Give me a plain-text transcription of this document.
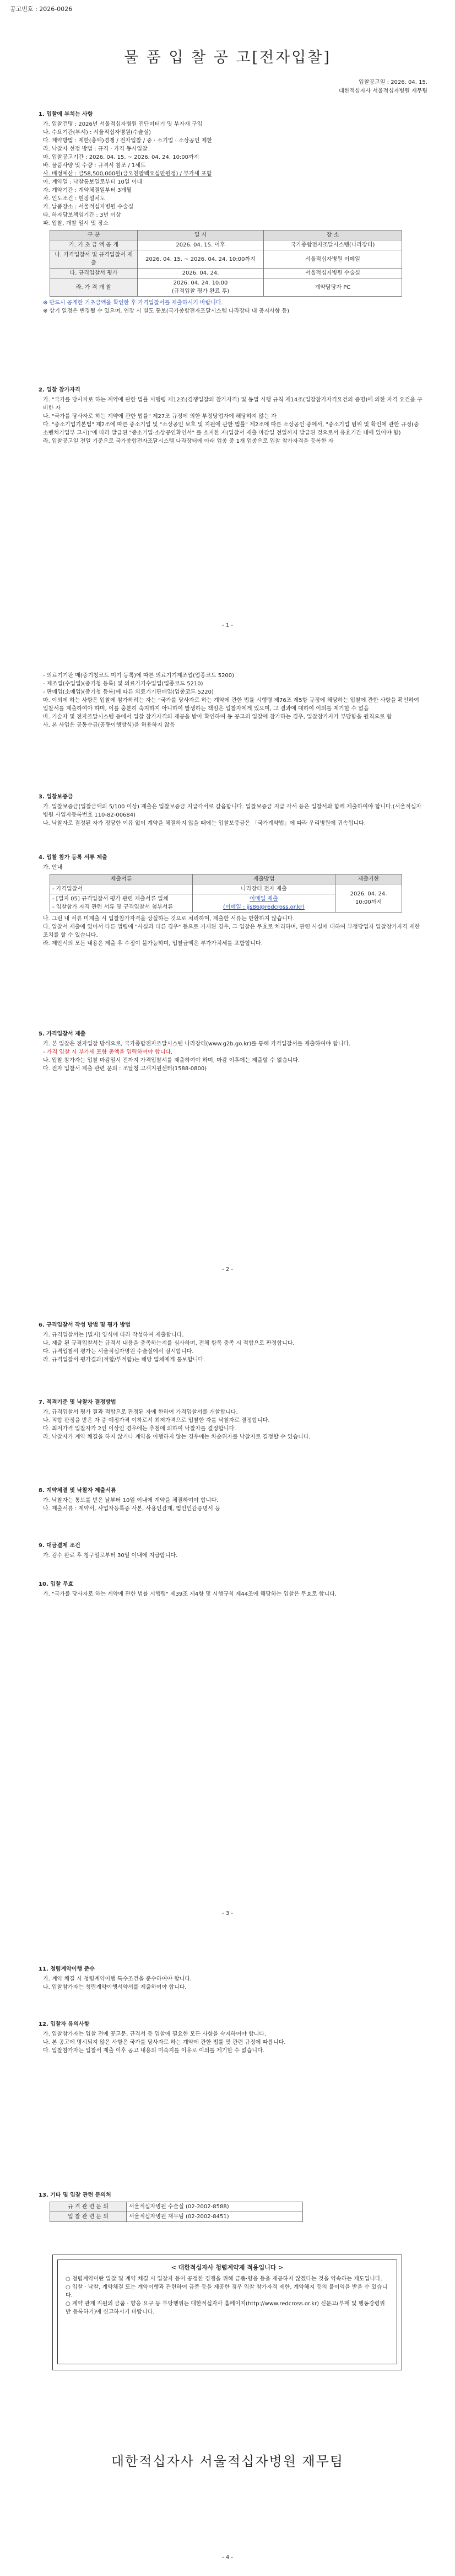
공고번호 : 2026-0026
물 품 입 찰 공 고[전자입찰]
입찰공고일 : 2026. 04. 15.
대한적십자사 서울적십자병원 재무팀

1. 입찰에 부치는 사항

가. 입찰건명 : 2026년 서울적십자병원 진단미터기 및 부자재 구입

나. 수요기관(부서) : 서울적십자병원(수술실)

다. 계약방법 : 제한(총액)경쟁 / 전자입찰 / 중 · 소기업 · 소상공인 제한

라. 낙찰자 선정 방법 : 규격 · 가격 동시입찰

마. 입찰공고기간 : 2026. 04. 15. ~ 2026. 04. 24. 10:00까지

바. 물품사양 및 수량 : 규격서 참조 / 1세트

사. 배정예산 : 금58,500,000원(금오천팔백오십만원정) / 부가세 포함

아. 계약일 : 낙찰통보일로부터 10일 이내

자. 계약기간 : 계약체결일부터 3개월

차. 인도조건 : 현장설치도

카. 납품장소 : 서울적십자병원 수술실

타. 하자담보책임기간 : 3년 이상

파. 입찰, 개찰 일시 및 장소

구 분	일 시	장 소
가. 기 초 금 액 공 개	2026. 04. 15. 이후	국가종합전자조달시스템(나라장터)
나. 가격입찰서 및 규격입찰서 제출	2026. 04. 15. ~ 2026. 04. 24. 10:00까지	서울적십자병원 이메일
다. 규격입찰서 평가	2026. 04. 24.	서울적십자병원 수술실
라. 가 격 개 찰	2026. 04. 24. 10:00
(규격입찰 평가 완료 후)	계약담당자 PC

※ 반드시 공개한 기초금액을 확인한 후 가격입찰서를 제출하시기 바랍니다.

※ 상기 일정은 변경될 수 있으며, 연장 시 별도 통보(국가종합전자조달시스템 나라장터 내 공지사항 등)

2. 입찰 참가자격

가. "국가를 당사자로 하는 계약에 관한 법률 시행령 제12조(경쟁입찰의 참가자격) 및 동법 시행 규칙 제14조(입찰참가자격요건의 증명)에 의한 자격 요건을 구비한 자

나. "국가를 당사자로 하는 계약에 관한 법률" 제27조 규정에 의한 부정당업자에 해당하지 않는 자

다. "중소기업기본법" 제2조에 따른 중소기업 및 "소상공인 보호 및 지원에 관한 법률" 제2조에 따른 소상공인 중에서, "중소기업 범위 및 확인에 관한 규정(중소벤처기업부 고시)"에 따라 발급된 "중소기업·소상공인확인서" 를 소지한 자(입찰서 제출 마감일 전일까지 발급된 것으로서 유효기간 내에 있어야 함)

라. 입찰공고일 전일 기준으로 국가종합전자조달시스템 나라장터에 아래 업종 중 1개 업종으로 입찰 참가자격을 등록한 자

- 1 -

- 의료기기판 매(중기청코드 미기 등록)에 따른 의료기기제조업(업종코드 5200)

- 제조업(수입업)(중기청 등록) 및 의료기기수입업(업종코드 5210)

- 판매업(소매업)(중기청 등록)에 따른 의료기기판매업(업종코드 5220)

마. 이외에 하는 사항은 입찰에 참가하려는 자는 "국가를 당사자로 하는 계약에 관한 법률 시행령 제76조 제5항 규정에 해당하는 입찰에 관한 사항을 확인하여 입찰서를 제출하여야 하며, 이를 충분히 숙지하지 아니하여 발생하는 책임은 입찰자에게 있으며, 그 결과에 대하여 이의를 제기할 수 없음

바. 기술자 및 전자조달시스템 등에서 입찰 참가자격의 제공을 받아 확인하여 동 공고의 입찰에 참가하는 경우, 입찰참가자가 부담함을 원칙으로 함

사. 본 사업은 공동수급(공동이행방식)을 허용하지 않음

3. 입찰보증금

가. 입찰보증금(입찰금액의 5/100 이상) 제출은 입찰보증금 지급각서로 갈음합니다. 입찰보증금 지급 각서 등은 입찰서와 함께 제출하여야 합니다.(서울적십자병원 사업자등록번호 110-82-00684)

나. 낙찰자로 결정된 자가 정당한 이유 없이 계약을 체결하지 않을 때에는 입찰보증금은 「국가계약법」에 따라 우리병원에 귀속됩니다.

4. 입찰 참가 등록 서류 제출

가. 안내

제출서류	제출방법	제출기한
- 가격입찰서	나라장터 전자 제출	2026. 04. 24.
10:00까지
- [별지 05] 규격입찰서 평가 관련 제출서류 일체
- 입찰참가 자격 관련 서류 및 규격입찰서 첨부서류	이메일 제출
(이메일 : jjs86@redcross.or.kr)	

나. 그런 내 서류 미제출 시 입찰참가자격을 상실하는 것으로 처리하며, 제출한 서류는 반환하지 않습니다.

다. 입찰서 제출에 있어서 다른 법령에 "사실과 다른 경우" 등으로 기재된 경우, 그 입찰은 무효로 처리하며, 관련 사실에 대하여 부정당업자 입찰참가자격 제한 조치를 할 수 있습니다.

라. 제안서의 모든 내용은 제출 후 수정이 불가능하며, 입찰금액은 부가가치세를 포함합니다.

5. 가격입찰서 제출

가. 본 입찰은 전자입찰 방식으로, 국가종합전자조달시스템 나라장터(www.g2b.go.kr)를 통해 가격입찰서를 제출하여야 합니다.

- 가격 입찰 시 부가세 포함 총액을 입력하여야 합니다.

나. 입찰 참가자는 입찰 마감일시 전까지 가격입찰서를 제출하여야 하며, 마감 이후에는 제출할 수 없습니다.

다. 전자 입찰서 제출 관련 문의 : 조달청 고객지원센터(1588-0800)

- 2 -

6. 규격입찰서 작성 방법 및 평가 방법

가. 규격입찰서는 [별지] 양식에 따라 작성하여 제출합니다.

나. 제출 된 규격입찰서는 규격서 내용을 충족하는지를 심사하며, 전체 항목 충족 시 적합으로 판정합니다.

다. 규격입찰서 평가는 서울적십자병원 수술실에서 실시합니다.

라. 규격입찰서 평가결과(적합/부적합)는 해당 업체에게 통보합니다.

7. 적격기준 및 낙찰자 결정방법

가. 규격입찰서 평가 결과 적합으로 판정된 자에 한하여 가격입찰서를 개찰합니다.

나. 적합 판정을 받은 자 중 예정가격 이하로서 최저가격으로 입찰한 자를 낙찰자로 결정합니다.

다. 최저가격 입찰자가 2인 이상인 경우에는 추첨에 의하여 낙찰자를 결정합니다.

라. 낙찰자가 계약 체결을 하지 않거나 계약을 이행하지 않는 경우에는 차순위자를 낙찰자로 결정할 수 있습니다.

8. 계약체결 및 낙찰자 제출서류

가. 낙찰자는 통보를 받은 날부터 10일 이내에 계약을 체결하여야 합니다.

나. 제출서류 : 계약서, 사업자등록증 사본, 사용인감계, 법인인감증명서 등

9. 대금결제 조건

가. 검수 완료 후 청구일로부터 30일 이내에 지급합니다.

10. 입찰 무효

가. "국가를 당사자로 하는 계약에 관한 법률 시행령" 제39조 제4항 및 시행규칙 제44조에 해당하는 입찰은 무효로 합니다.

- 3 -

11. 청렴계약이행 준수

가. 계약 체결 시 청렴계약이행 특수조건을 준수하여야 합니다.

나. 입찰참가자는 청렴계약이행서약서를 제출하여야 합니다.

12. 입찰자 유의사항

가. 입찰참가자는 입찰 전에 공고문, 규격서 등 입찰에 필요한 모든 사항을 숙지하여야 합니다.

나. 본 공고에 명시되지 않은 사항은 국가를 당사자로 하는 계약에 관한 법률 및 관련 규정에 따릅니다.

다. 입찰참가자는 입찰서 제출 이후 공고 내용의 미숙지를 이유로 이의를 제기할 수 없습니다.

13. 기타 및 입찰 관련 문의처

규 격 관 련 문 의	서울적십자병원 수술실 (02-2002-8588)
입 찰 관 련 문 의	서울적십자병원 재무팀 (02-2002-8451)
< 대한적십자사 청렴계약제 적용입니다 >

○ 청렴계약이란 입찰 및 계약 체결 시 입찰자 등이 공정한 경쟁을 위해 금품·향응 등을 제공하지 않겠다는 것을 약속하는 제도입니다.

○ 입찰 · 낙찰, 계약체결 또는 계약이행과 관련하여 금품 등을 제공한 경우 입찰 참가자격 제한, 계약해지 등의 불이익을 받을 수 있습니다.

○ 계약 관계 직원의 금품 · 향응 요구 등 부당행위는 대한적십자사 홈페이지(http://www.redcross.or.kr) 신문고(부패 및 행동강령위반 등록하기)에 신고하시기 바랍니다.

대한적십자사 서울적십자병원 재무팀
- 4 -
